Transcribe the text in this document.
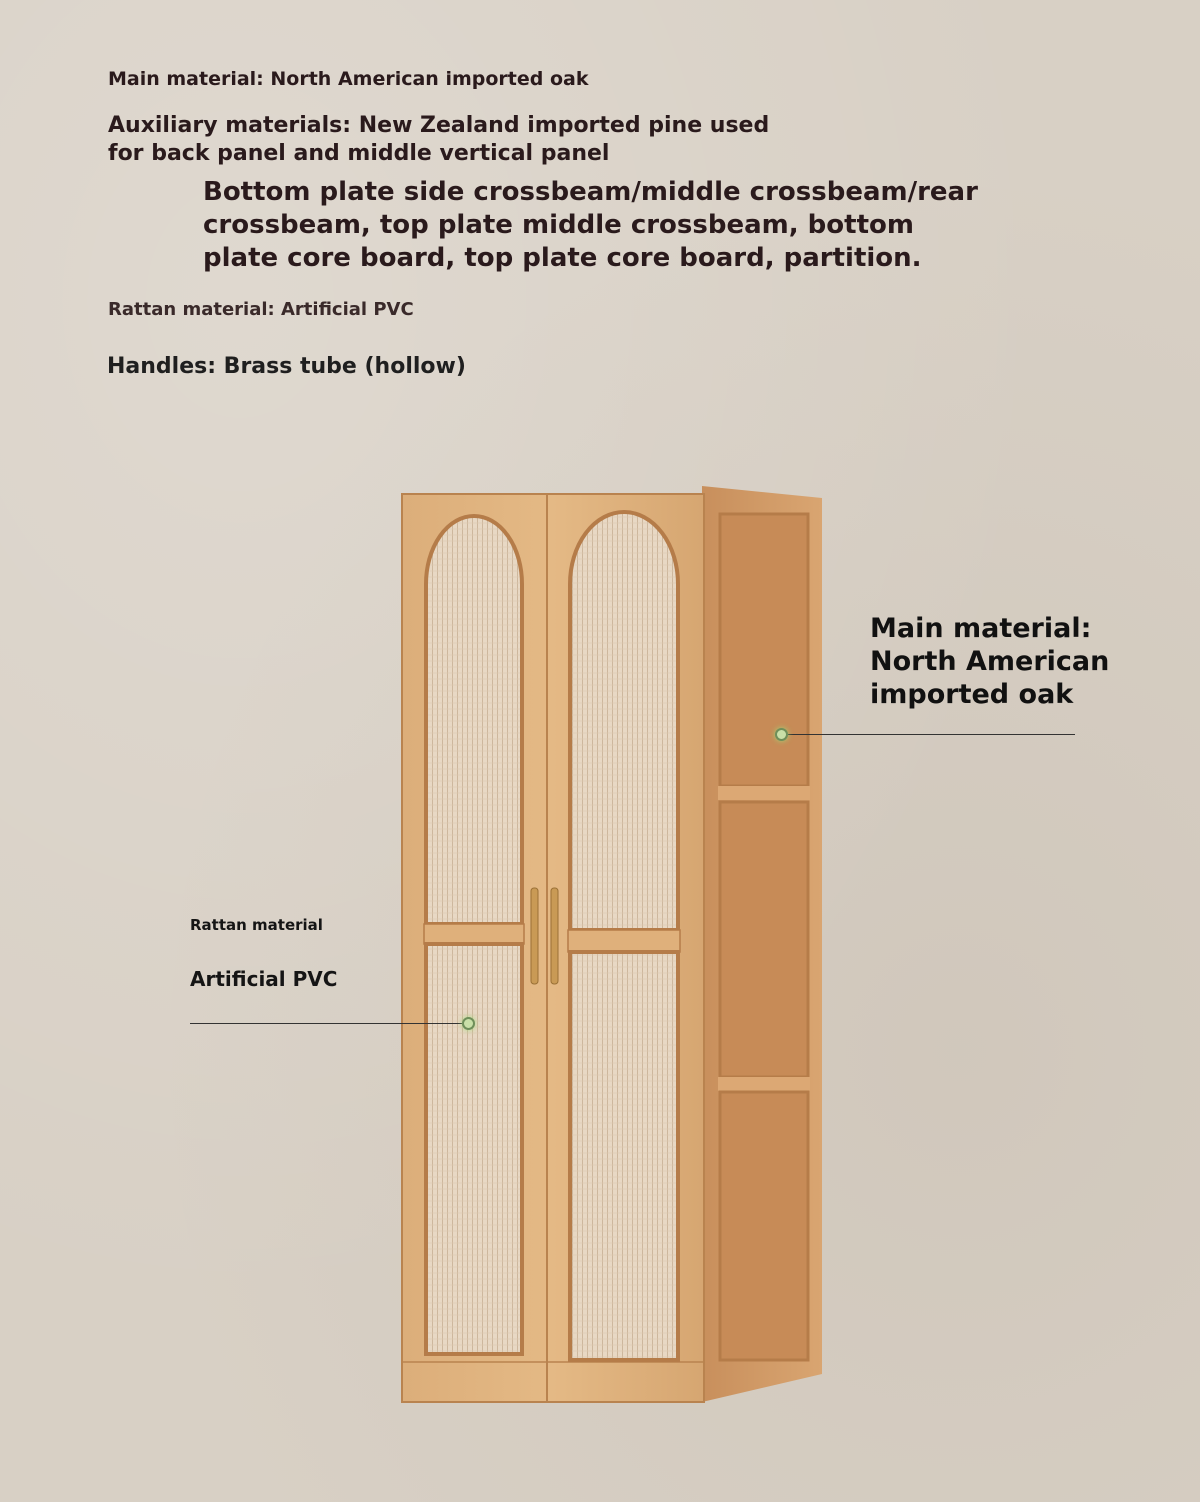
Main material: North American imported oak

Auxiliary materials: New Zealand imported pine used
for back panel and middle vertical panel

Bottom plate side crossbeam/middle crossbeam/rear
crossbeam, top plate middle crossbeam, bottom
plate core board, top plate core board, partition.

Rattan material: Artificial PVC

Handles: Brass tube (hollow)

Main material:
North American
imported oak

Rattan material

Artificial PVC
